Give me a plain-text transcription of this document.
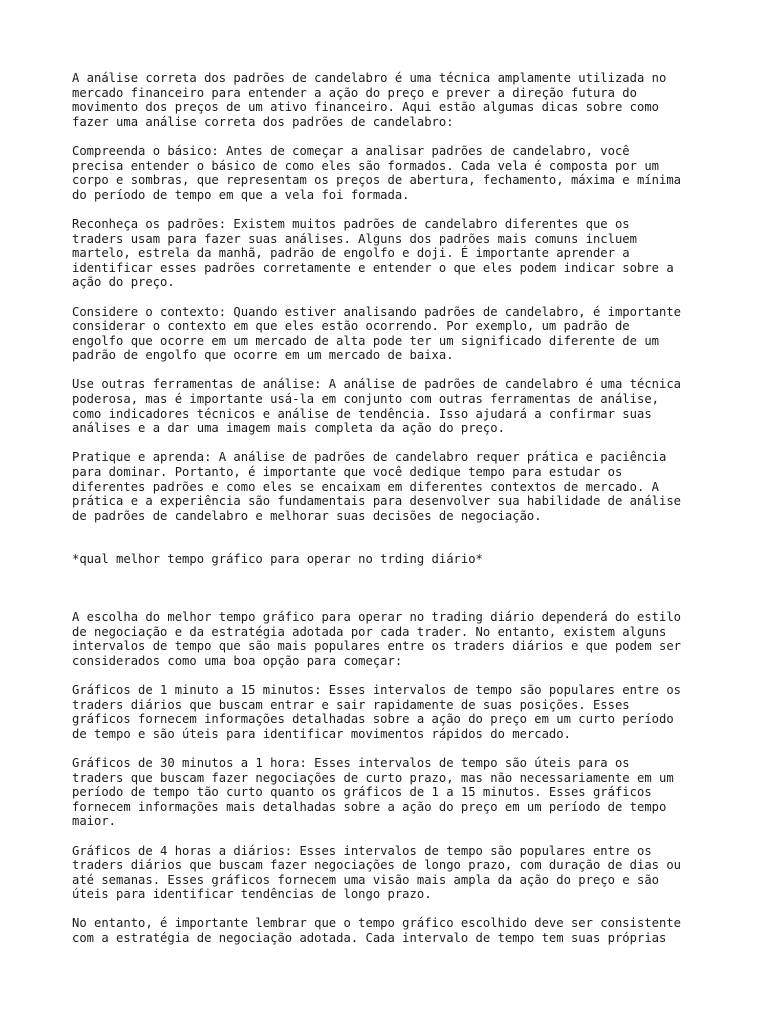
A análise correta dos padrões de candelabro é uma técnica amplamente utilizada no
mercado financeiro para entender a ação do preço e prever a direção futura do
movimento dos preços de um ativo financeiro. Aqui estão algumas dicas sobre como
fazer uma análise correta dos padrões de candelabro:

Compreenda o básico: Antes de começar a analisar padrões de candelabro, você
precisa entender o básico de como eles são formados. Cada vela é composta por um
corpo e sombras, que representam os preços de abertura, fechamento, máxima e mínima
do período de tempo em que a vela foi formada.

Reconheça os padrões: Existem muitos padrões de candelabro diferentes que os
traders usam para fazer suas análises. Alguns dos padrões mais comuns incluem
martelo, estrela da manhã, padrão de engolfo e doji. É importante aprender a
identificar esses padrões corretamente e entender o que eles podem indicar sobre a
ação do preço.

Considere o contexto: Quando estiver analisando padrões de candelabro, é importante
considerar o contexto em que eles estão ocorrendo. Por exemplo, um padrão de
engolfo que ocorre em um mercado de alta pode ter um significado diferente de um
padrão de engolfo que ocorre em um mercado de baixa.

Use outras ferramentas de análise: A análise de padrões de candelabro é uma técnica
poderosa, mas é importante usá-la em conjunto com outras ferramentas de análise,
como indicadores técnicos e análise de tendência. Isso ajudará a confirmar suas
análises e a dar uma imagem mais completa da ação do preço.

Pratique e aprenda: A análise de padrões de candelabro requer prática e paciência
para dominar. Portanto, é importante que você dedique tempo para estudar os
diferentes padrões e como eles se encaixam em diferentes contextos de mercado. A
prática e a experiência são fundamentais para desenvolver sua habilidade de análise
de padrões de candelabro e melhorar suas decisões de negociação.

*qual melhor tempo gráfico para operar no trding diário*

A escolha do melhor tempo gráfico para operar no trading diário dependerá do estilo
de negociação e da estratégia adotada por cada trader. No entanto, existem alguns
intervalos de tempo que são mais populares entre os traders diários e que podem ser
considerados como uma boa opção para começar:

Gráficos de 1 minuto a 15 minutos: Esses intervalos de tempo são populares entre os
traders diários que buscam entrar e sair rapidamente de suas posições. Esses
gráficos fornecem informações detalhadas sobre a ação do preço em um curto período
de tempo e são úteis para identificar movimentos rápidos do mercado.

Gráficos de 30 minutos a 1 hora: Esses intervalos de tempo são úteis para os
traders que buscam fazer negociações de curto prazo, mas não necessariamente em um
período de tempo tão curto quanto os gráficos de 1 a 15 minutos. Esses gráficos
fornecem informações mais detalhadas sobre a ação do preço em um período de tempo
maior.

Gráficos de 4 horas a diários: Esses intervalos de tempo são populares entre os
traders diários que buscam fazer negociações de longo prazo, com duração de dias ou
até semanas. Esses gráficos fornecem uma visão mais ampla da ação do preço e são
úteis para identificar tendências de longo prazo.

No entanto, é importante lembrar que o tempo gráfico escolhido deve ser consistente
com a estratégia de negociação adotada. Cada intervalo de tempo tem suas próprias
